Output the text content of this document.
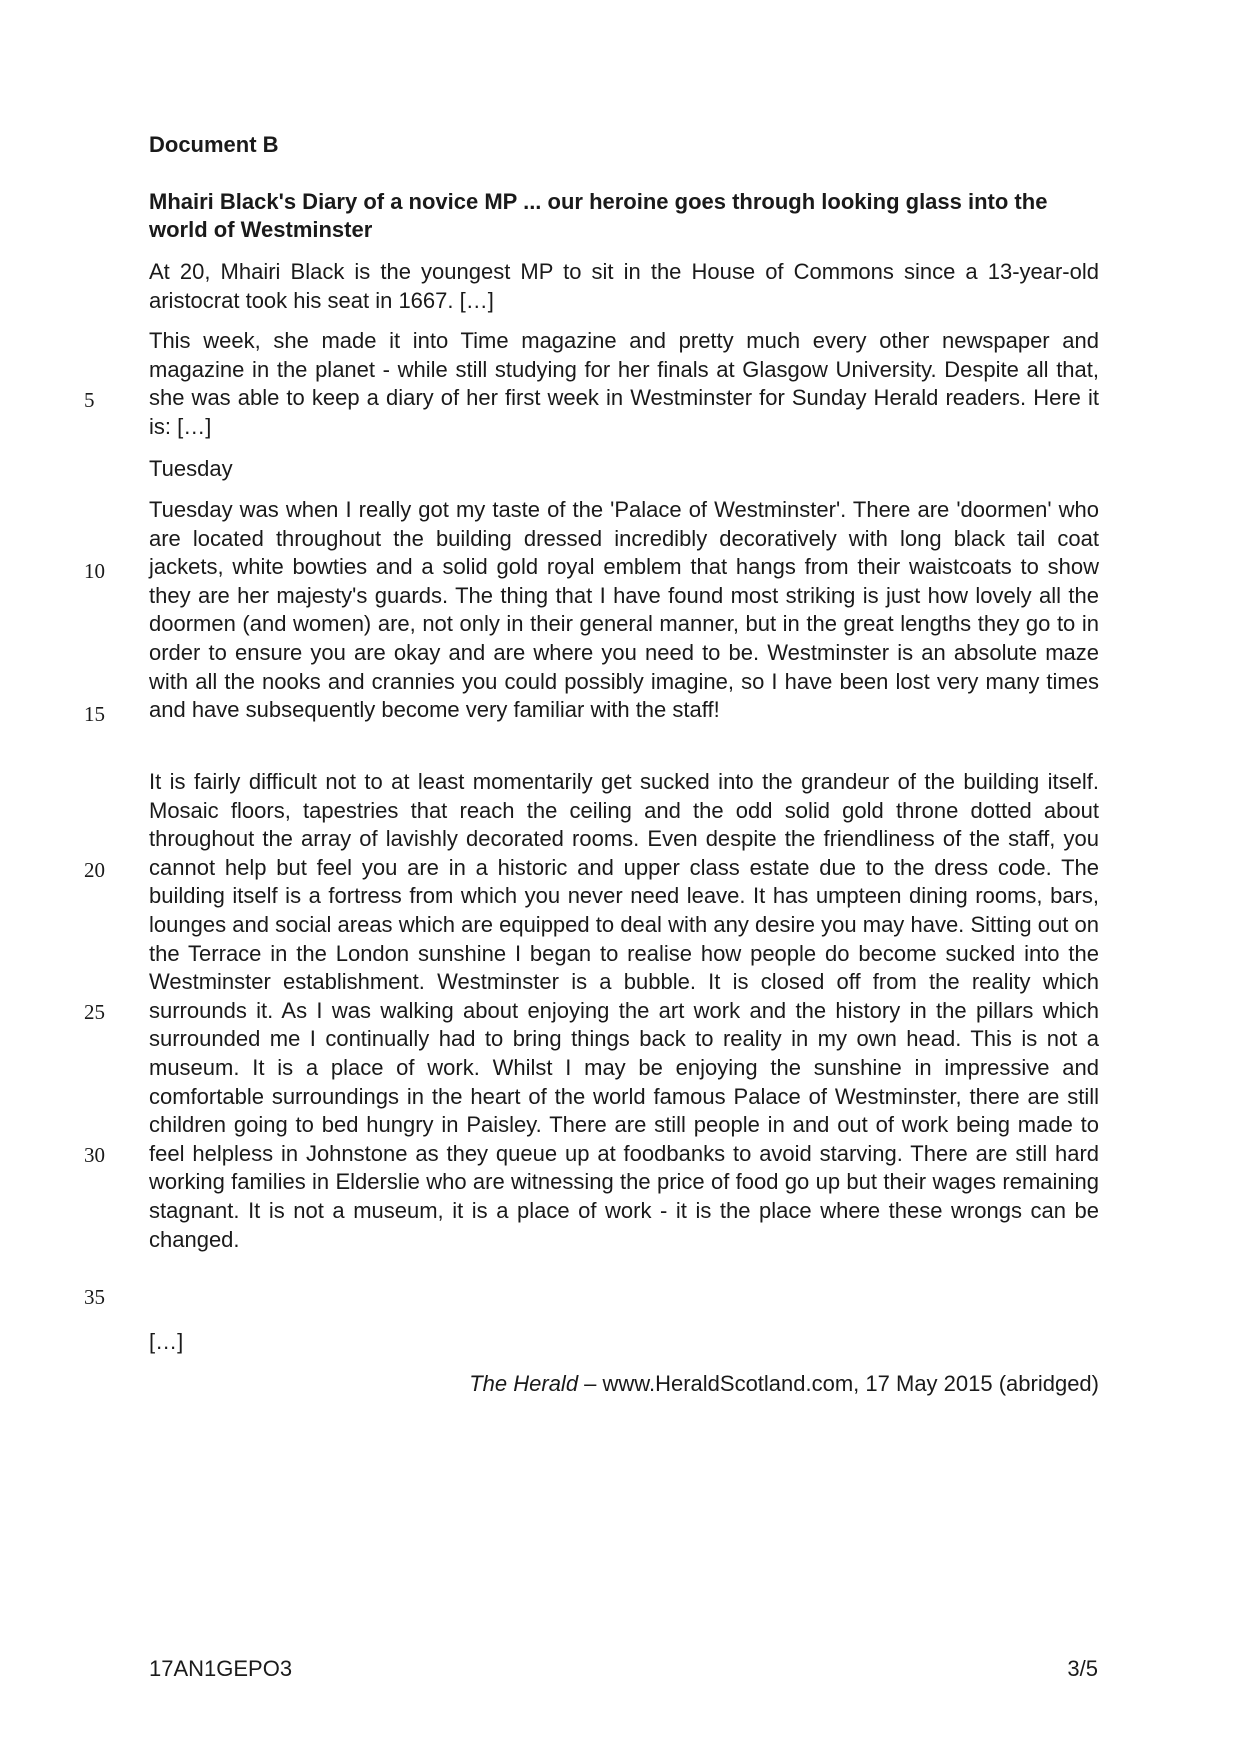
Document B

Mhairi Black's Diary of a novice MP ... our heroine goes through looking glass into the world of Westminster

At 20, Mhairi Black is the youngest MP to sit in the House of Commons since a 13-year-old aristocrat took his seat in 1667. […]

This week, she made it into Time magazine and pretty much every other newspaper and magazine in the planet - while still studying for her finals at Glasgow University. Despite all that, she was able to keep a diary of her first week in Westminster for Sunday Herald readers. Here it is: […]

Tuesday

Tuesday was when I really got my taste of the 'Palace of Westminster'. There are 'doormen' who are located throughout the building dressed incredibly decoratively with long black tail coat jackets, white bowties and a solid gold royal emblem that hangs from their waistcoats to show they are her majesty's guards. The thing that I have found most striking is just how lovely all the doormen (and women) are, not only in their general manner, but in the great lengths they go to in order to ensure you are okay and are where you need to be. Westminster is an absolute maze with all the nooks and crannies you could possibly imagine, so I have been lost very many times and have subsequently become very familiar with the staff!

It is fairly difficult not to at least momentarily get sucked into the grandeur of the building itself. Mosaic floors, tapestries that reach the ceiling and the odd solid gold throne dotted about throughout the array of lavishly decorated rooms. Even despite the friendliness of the staff, you cannot help but feel you are in a historic and upper class estate due to the dress code. The building itself is a fortress from which you never need leave. It has umpteen dining rooms, bars, lounges and social areas which are equipped to deal with any desire you may have. Sitting out on the Terrace in the London sunshine I began to realise how people do become sucked into the Westminster establishment. Westminster is a bubble. It is closed off from the reality which surrounds it. As I was walking about enjoying the art work and the history in the pillars which surrounded me I continually had to bring things back to reality in my own head. This is not a museum. It is a place of work. Whilst I may be enjoying the sunshine in impressive and comfortable surroundings in the heart of the world famous Palace of Westminster, there are still children going to bed hungry in Paisley. There are still people in and out of work being made to feel helpless in Johnstone as they queue up at foodbanks to avoid starving. There are still hard working families in Elderslie who are witnessing the price of food go up but their wages remaining stagnant. It is not a museum, it is a place of work - it is the place where these wrongs can be changed.

[…]

5
10
15
20
25
30
35

The Herald – www.HeraldScotland.com, 17 May 2015 (abridged)

17AN1GEPO3	3/5
